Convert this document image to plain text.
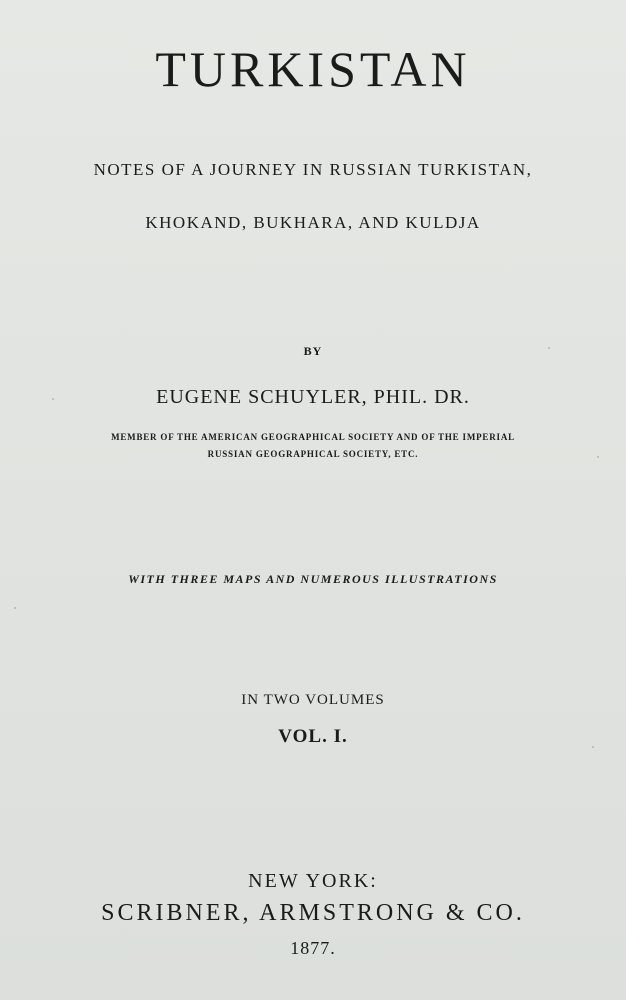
TURKISTAN
NOTES OF A JOURNEY IN RUSSIAN TURKISTAN,
KHOKAND, BUKHARA, AND KULDJA
BY
EUGENE SCHUYLER, PHIL. DR.
MEMBER OF THE AMERICAN GEOGRAPHICAL SOCIETY AND OF THE IMPERIAL
RUSSIAN GEOGRAPHICAL SOCIETY, ETC.
WITH THREE MAPS AND NUMEROUS ILLUSTRATIONS
IN TWO VOLUMES
VOL. I.
NEW YORK:
SCRIBNER, ARMSTRONG & CO.
1877.
